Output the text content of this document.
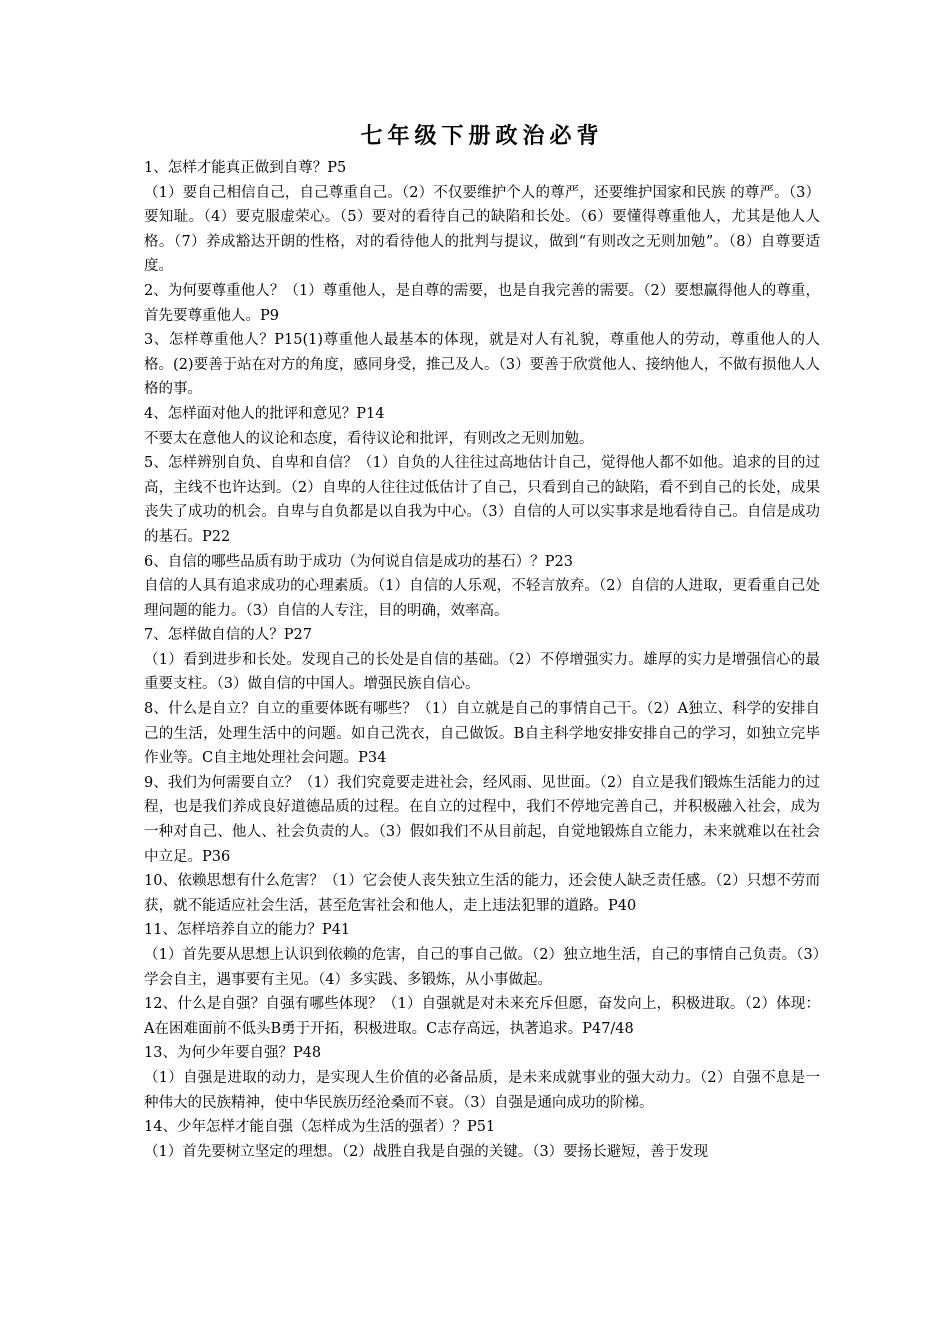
七年级下册政治必背

1、怎样才能真正做到自尊？P5

（1）要自己相信自己，自己尊重自己。（2）不仅要维护个人的尊严，还要维护国家和民族 的尊严。（3）要知耻。（4）要克服虚荣心。（5）要对的看待自己的缺陷和长处。（6）要懂得尊重他人，尤其是他人人格。（7）养成豁达开朗的性格，对的看待他人的批判与提议，做到“有则改之无则加勉”。（8）自尊要适度。

2、为何要尊重他人？（1）尊重他人，是自尊的需要，也是自我完善的需要。（2）要想赢得他人的尊重，首先要尊重他人。P9

3、怎样尊重他人？P15(1)尊重他人最基本的体现，就是对人有礼貌，尊重他人的劳动，尊重他人的人格。(2)要善于站在对方的角度，感同身受，推己及人。（3）要善于欣赏他人、接纳他人，不做有损他人人格的事。

4、怎样面对他人的批评和意见？P14

不要太在意他人的议论和态度，看待议论和批评，有则改之无则加勉。

5、怎样辨别自负、自卑和自信？（1）自负的人往往过高地估计自己，觉得他人都不如他。追求的目的过高，主线不也许达到。（2）自卑的人往往过低估计了自己，只看到自己的缺陷，看不到自己的长处，成果丧失了成功的机会。自卑与自负都是以自我为中心。（3）自信的人可以实事求是地看待自己。自信是成功的基石。P22

6、自信的哪些品质有助于成功（为何说自信是成功的基石）？P23

自信的人具有追求成功的心理素质。（1）自信的人乐观，不轻言放弃。（2）自信的人进取，更看重自己处理问题的能力。（3）自信的人专注，目的明确，效率高。

7、怎样做自信的人？P27

（1）看到进步和长处。发现自己的长处是自信的基础。（2）不停增强实力。雄厚的实力是增强信心的最重要支柱。（3）做自信的中国人。增强民族自信心。

8、什么是自立？自立的重要体既有哪些？（1）自立就是自己的事情自己干。（2）A独立、科学的安排自己的生活，处理生活中的问题。如自己洗衣，自己做饭。B自主科学地安排安排自己的学习，如独立完毕作业等。C自主地处理社会问题。P34

9、我们为何需要自立？（1）我们究竟要走进社会，经风雨、见世面。（2）自立是我们锻炼生活能力的过程，也是我们养成良好道德品质的过程。在自立的过程中，我们不停地完善自己，并积极融入社会，成为一种对自己、他人、社会负责的人。（3）假如我们不从目前起，自觉地锻炼自立能力，未来就难以在社会中立足。P36

10、依赖思想有什么危害？（1）它会使人丧失独立生活的能力，还会使人缺乏责任感。（2）只想不劳而获，就不能适应社会生活，甚至危害社会和他人，走上违法犯罪的道路。P40

11、怎样培养自立的能力？P41

（1）首先要从思想上认识到依赖的危害，自己的事自己做。（2）独立地生活，自己的事情自己负责。（3）学会自主，遇事要有主见。（4）多实践、多锻炼，从小事做起。

12、什么是自强？自强有哪些体现？（1）自强就是对未来充斥但愿，奋发向上，积极进取。（2）体现：A在困难面前不低头B勇于开拓，积极进取。C志存高远，执著追求。P47/48

13、为何少年要自强？P48

（1）自强是进取的动力，是实现人生价值的必备品质，是未来成就事业的强大动力。（2）自强不息是一种伟大的民族精神，使中华民族历经沧桑而不衰。（3）自强是通向成功的阶梯。

14、少年怎样才能自强（怎样成为生活的强者）？P51

（1）首先要树立坚定的理想。（2）战胜自我是自强的关键。（3）要扬长避短，善于发现
